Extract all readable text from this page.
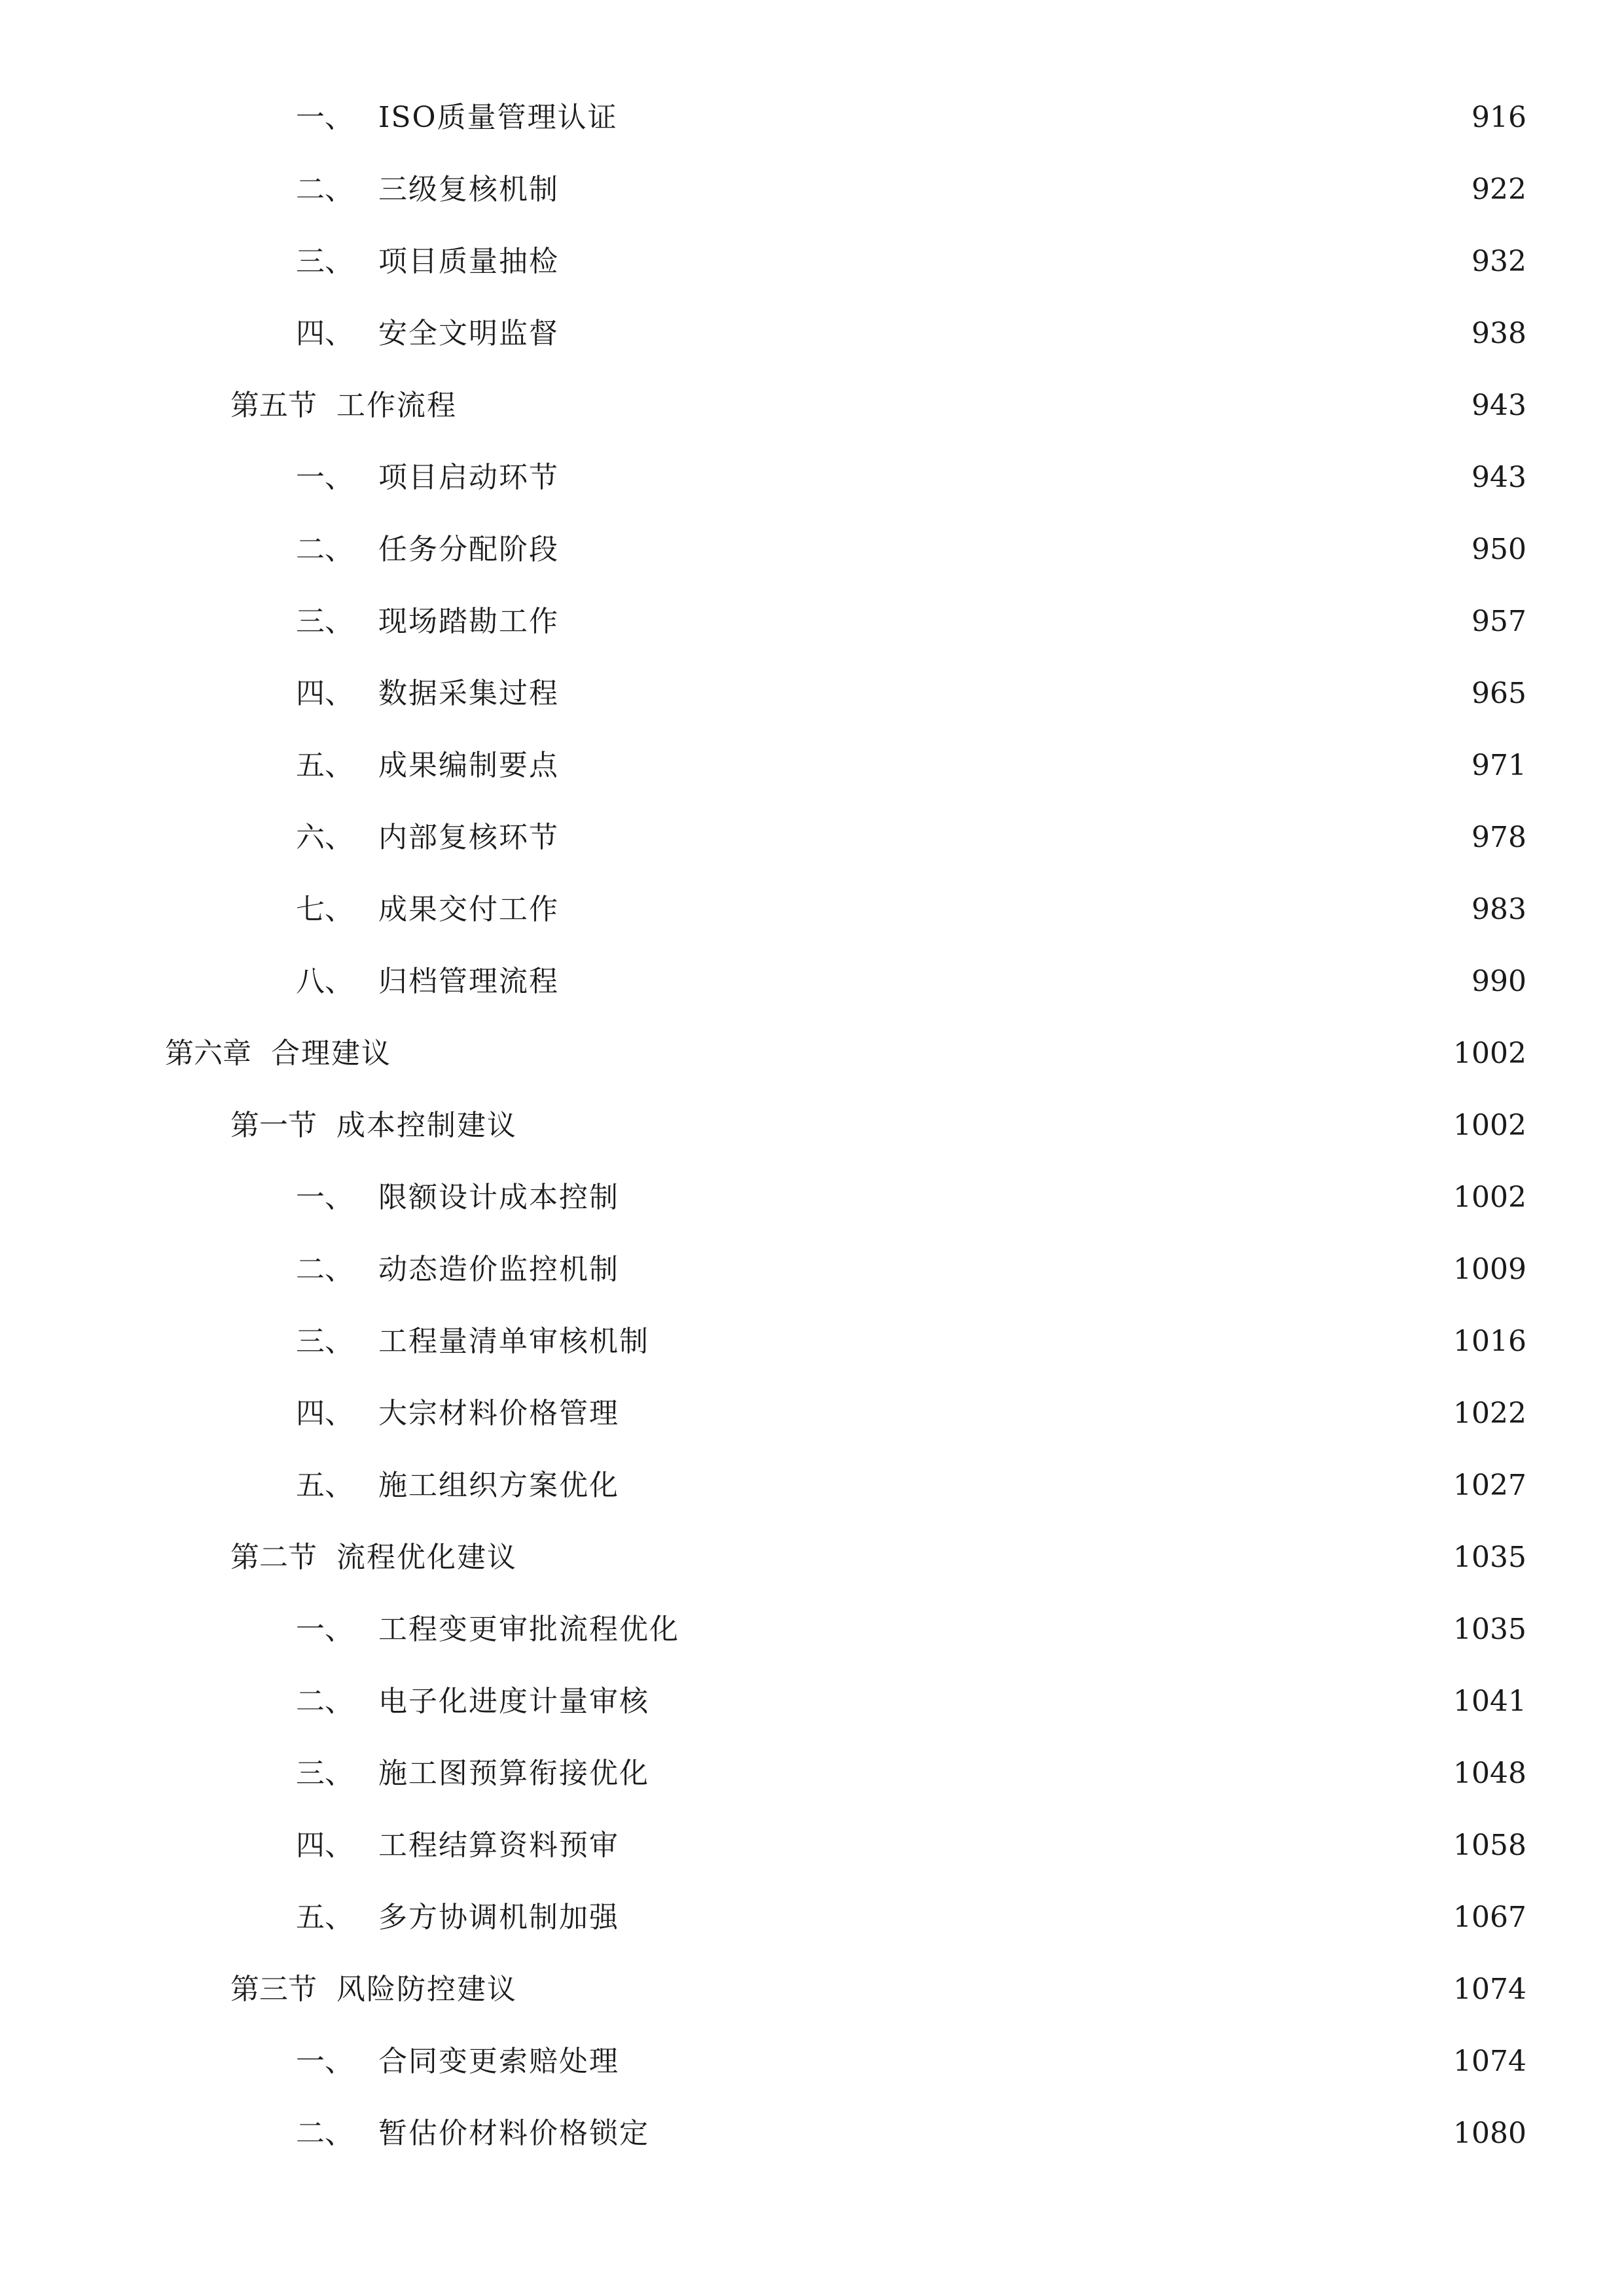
一、 ISO质量管理认证	916
二、 三级复核机制	922
三、 项目质量抽检	932
四、 安全文明监督	938
第五节 工作流程	943
一、 项目启动环节	943
二、 任务分配阶段	950
三、 现场踏勘工作	957
四、 数据采集过程	965
五、 成果编制要点	971
六、 内部复核环节	978
七、 成果交付工作	983
八、 归档管理流程	990
第六章 合理建议	1002
第一节 成本控制建议	1002
一、 限额设计成本控制	1002
二、 动态造价监控机制	1009
三、 工程量清单审核机制	1016
四、 大宗材料价格管理	1022
五、 施工组织方案优化	1027
第二节 流程优化建议	1035
一、 工程变更审批流程优化	1035
二、 电子化进度计量审核	1041
三、 施工图预算衔接优化	1048
四、 工程结算资料预审	1058
五、 多方协调机制加强	1067
第三节 风险防控建议	1074
一、 合同变更索赔处理	1074
二、 暂估价材料价格锁定	1080
